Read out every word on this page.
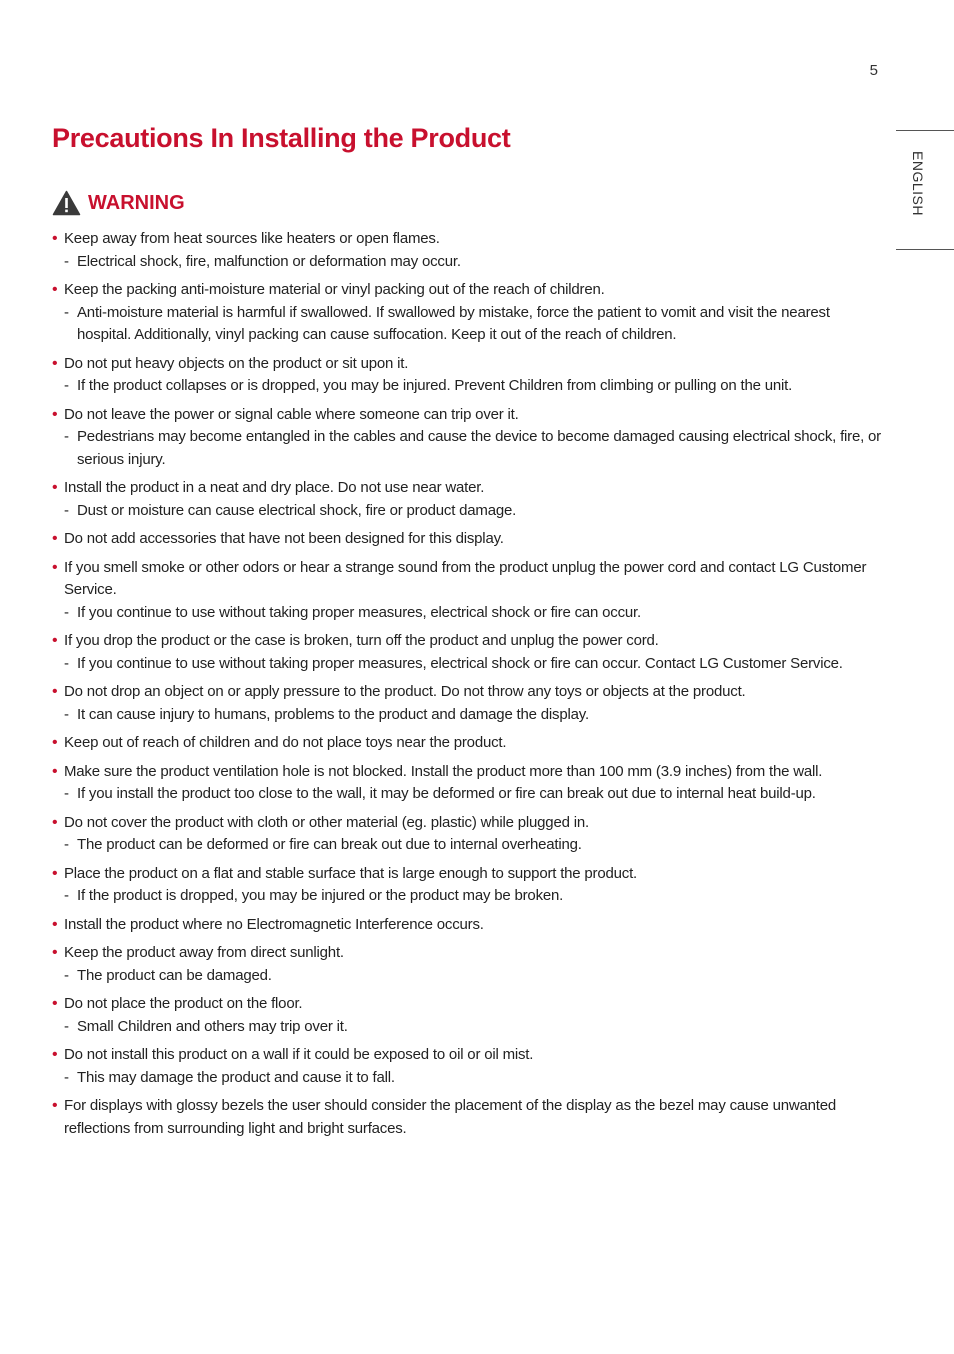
5
ENGLISH
Precautions In Installing the Product
WARNING
• Keep away from heat sources like heaters or open flames.
- Electrical shock, fire, malfunction or deformation may occur.
• Keep the packing anti-moisture material or vinyl packing out of the reach of children.
- Anti-moisture material is harmful if swallowed. If swallowed by mistake, force the patient to vomit and visit the nearest hospital. Additionally, vinyl packing can cause suffocation. Keep it out of the reach of children.
• Do not put heavy objects on the product or sit upon it.
- If the product collapses or is dropped, you may be injured. Prevent Children from climbing or pulling on the unit.
• Do not leave the power or signal cable where someone can trip over it.
- Pedestrians may become entangled in the cables and cause the device to become damaged causing electrical shock, fire, or serious injury.
• Install the product in a neat and dry place. Do not use near water.
- Dust or moisture can cause electrical shock, fire or product damage.
• Do not add accessories that have not been designed for this display.
• If you smell smoke or other odors or hear a strange sound from the product unplug the power cord and contact LG Customer Service.
- If you continue to use without taking proper measures, electrical shock or fire can occur.
• If you drop the product or the case is broken, turn off the product and unplug the power cord.
- If you continue to use without taking proper measures, electrical shock or fire can occur. Contact LG Customer Service.
• Do not drop an object on or apply pressure to the product. Do not throw any toys or objects at the product.
- It can cause injury to humans, problems to the product and damage the display.
• Keep out of reach of children and do not place toys near the product.
• Make sure the product ventilation hole is not blocked. Install the product more than 100 mm (3.9 inches) from the wall.
- If you install the product too close to the wall, it may be deformed or fire can break out due to internal heat build-up.
• Do not cover the product with cloth or other material (eg. plastic) while plugged in.
- The product can be deformed or fire can break out due to internal overheating.
• Place the product on a flat and stable surface that is large enough to support the product.
- If the product is dropped, you may be injured or the product may be broken.
• Install the product where no Electromagnetic Interference occurs.
• Keep the product away from direct sunlight.
- The product can be damaged.
• Do not place the product on the floor.
- Small Children and others may trip over it.
• Do not install this product on a wall if it could be exposed to oil or oil mist.
- This may damage the product and cause it to fall.
• For displays with glossy bezels the user should consider the placement of the display as the bezel may cause unwanted reflections from surrounding light and bright surfaces.
